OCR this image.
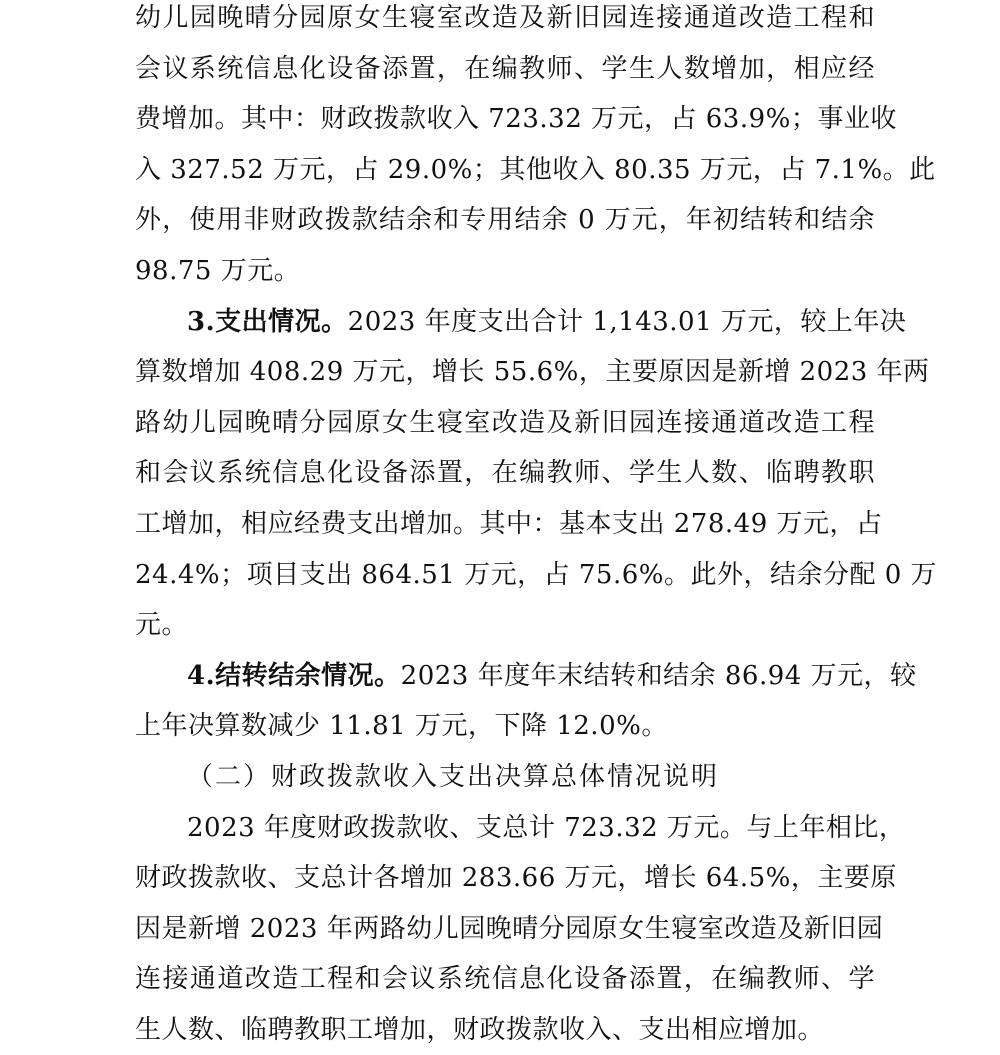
幼儿园晚晴分园原女生寝室改造及新旧园连接通道改造工程和
会议系统信息化设备添置，在编教师、学生人数增加，相应经
费增加。其中：财政拨款收入 723.32 万元，占 63.9%；事业收
入 327.52 万元，占 29.0%；其他收入 80.35 万元，占 7.1%。此
外，使用非财政拨款结余和专用结余 0 万元，年初结转和结余
98.75 万元。
3.支出情况。2023 年度支出合计 1,143.01 万元，较上年决
算数增加 408.29 万元，增长 55.6%，主要原因是新增 2023 年两
路幼儿园晚晴分园原女生寝室改造及新旧园连接通道改造工程
和会议系统信息化设备添置，在编教师、学生人数、临聘教职
工增加，相应经费支出增加。其中：基本支出 278.49 万元，占
24.4%；项目支出 864.51 万元，占 75.6%。此外，结余分配 0 万
元。
4.结转结余情况。2023 年度年末结转和结余 86.94 万元，较
上年决算数减少 11.81 万元，下降 12.0%。
（二）财政拨款收入支出决算总体情况说明
2023 年度财政拨款收、支总计 723.32 万元。与上年相比，
财政拨款收、支总计各增加 283.66 万元，增长 64.5%，主要原
因是新增 2023 年两路幼儿园晚晴分园原女生寝室改造及新旧园
连接通道改造工程和会议系统信息化设备添置，在编教师、学
生人数、临聘教职工增加，财政拨款收入、支出相应增加。
